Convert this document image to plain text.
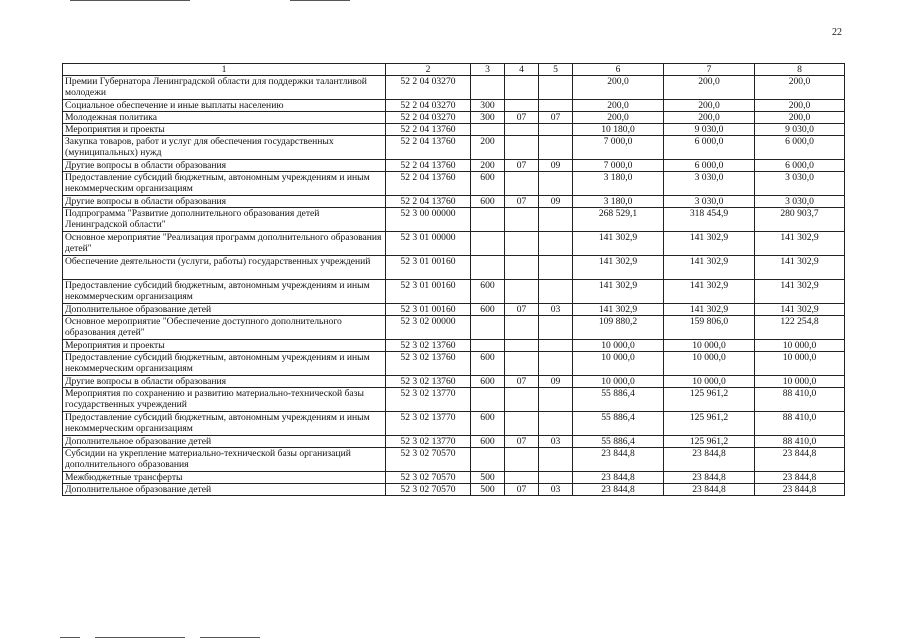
22
1	2	3	4	5	6	7	8
Премии Губернатора Ленинградской области для поддержки талантливой молодежи	52 2 04 03270				200,0	200,0	200,0
Социальное обеспечение и иные выплаты населению	52 2 04 03270	300			200,0	200,0	200,0
Молодежная политика	52 2 04 03270	300	07	07	200,0	200,0	200,0
Мероприятия и проекты	52 2 04 13760				10 180,0	9 030,0	9 030,0
Закупка товаров, работ и услуг для обеспечения государственных (муниципальных) нужд	52 2 04 13760	200			7 000,0	6 000,0	6 000,0
Другие вопросы в области образования	52 2 04 13760	200	07	09	7 000,0	6 000,0	6 000,0
Предоставление субсидий бюджетным, автономным учреждениям и иным некоммерческим организациям	52 2 04 13760	600			3 180,0	3 030,0	3 030,0
Другие вопросы в области образования	52 2 04 13760	600	07	09	3 180,0	3 030,0	3 030,0
Подпрограмма "Развитие дополнительного образования детей Ленинградской области"	52 3 00 00000				268 529,1	318 454,9	280 903,7
Основное мероприятие "Реализация программ дополнительного образования детей"	52 3 01 00000				141 302,9	141 302,9	141 302,9
Обеспечение деятельности (услуги, работы) государственных учреждений	52 3 01 00160				141 302,9	141 302,9	141 302,9
Предоставление субсидий бюджетным, автономным учреждениям и иным некоммерческим организациям	52 3 01 00160	600			141 302,9	141 302,9	141 302,9
Дополнительное образование детей	52 3 01 00160	600	07	03	141 302,9	141 302,9	141 302,9
Основное мероприятие "Обеспечение доступного дополнительного образования детей"	52 3 02 00000				109 880,2	159 806,0	122 254,8
Мероприятия и проекты	52 3 02 13760				10 000,0	10 000,0	10 000,0
Предоставление субсидий бюджетным, автономным учреждениям и иным некоммерческим организациям	52 3 02 13760	600			10 000,0	10 000,0	10 000,0
Другие вопросы в области образования	52 3 02 13760	600	07	09	10 000,0	10 000,0	10 000,0
Мероприятия по сохранению и развитию материально-технической базы государственных учреждений	52 3 02 13770				55 886,4	125 961,2	88 410,0
Предоставление субсидий бюджетным, автономным учреждениям и иным некоммерческим организациям	52 3 02 13770	600			55 886,4	125 961,2	88 410,0
Дополнительное образование детей	52 3 02 13770	600	07	03	55 886,4	125 961,2	88 410,0
Субсидии на укрепление материально-технической базы организаций дополнительного образования	52 3 02 70570				23 844,8	23 844,8	23 844,8
Межбюджетные трансферты	52 3 02 70570	500			23 844,8	23 844,8	23 844,8
Дополнительное образование детей	52 3 02 70570	500	07	03	23 844,8	23 844,8	23 844,8
